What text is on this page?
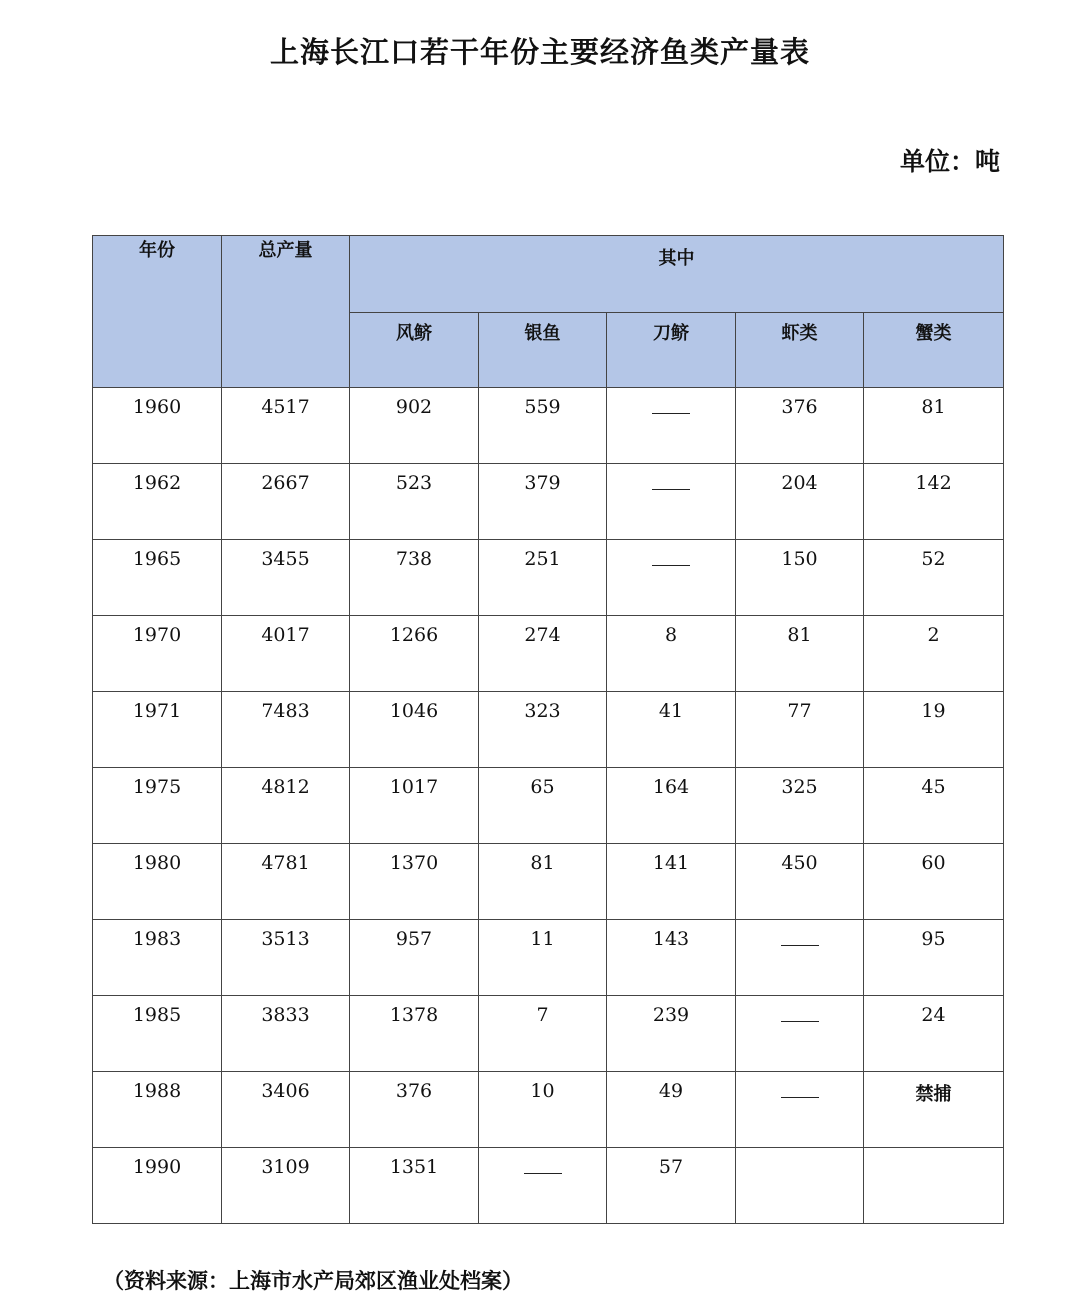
上海长江口若干年份主要经济鱼类产量表
单位：吨
年份	总产量	其中				
		风鲚	银鱼	刀鲚	虾类	蟹类
1960	4517	902	559		376	81
1962	2667	523	379		204	142
1965	3455	738	251		150	52
1970	4017	1266	274	8	81	2
1971	7483	1046	323	41	77	19
1975	4812	1017	65	164	325	45
1980	4781	1370	81	141	450	60
1983	3513	957	11	143		95
1985	3833	1378	7	239		24
1988	3406	376	10	49		禁捕
1990	3109	1351		57		
（资料来源：上海市水产局郊区渔业处档案）
